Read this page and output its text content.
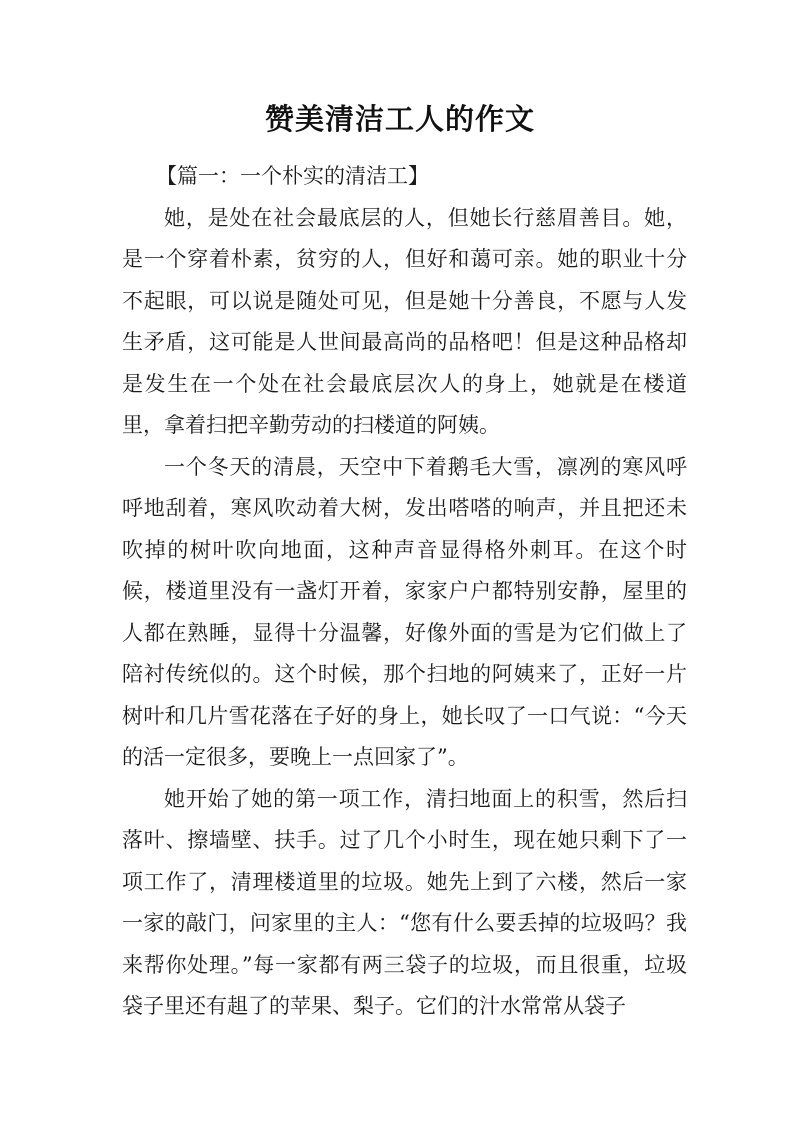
赞美清洁工人的作文

【篇一：一个朴实的清洁工】

她，是处在社会最底层的人，但她长行慈眉善目。她，是一个穿着朴素，贫穷的人，但好和蔼可亲。她的职业十分不起眼，可以说是随处可见，但是她十分善良，不愿与人发生矛盾，这可能是人世间最高尚的品格吧！但是这种品格却是发生在一个处在社会最底层次人的身上，她就是在楼道里，拿着扫把辛勤劳动的扫楼道的阿姨。

一个冬天的清晨，天空中下着鹅毛大雪，凛冽的寒风呼呼地刮着，寒风吹动着大树，发出嗒嗒的响声，并且把还未吹掉的树叶吹向地面，这种声音显得格外刺耳。在这个时候，楼道里没有一盏灯开着，家家户户都特别安静，屋里的人都在熟睡，显得十分温馨，好像外面的雪是为它们做上了陪衬传统似的。这个时候，那个扫地的阿姨来了，正好一片树叶和几片雪花落在子好的身上，她长叹了一口气说：“今天的活一定很多，要晚上一点回家了”。

她开始了她的第一项工作，清扫地面上的积雪，然后扫落叶、擦墙壁、扶手。过了几个小时生，现在她只剩下了一项工作了，清理楼道里的垃圾。她先上到了六楼，然后一家一家的敲门，问家里的主人：“您有什么要丢掉的垃圾吗？我来帮你处理。”每一家都有两三袋子的垃圾，而且很重，垃圾袋子里还有趄了的苹果、梨子。它们的汁水常常从袋子
